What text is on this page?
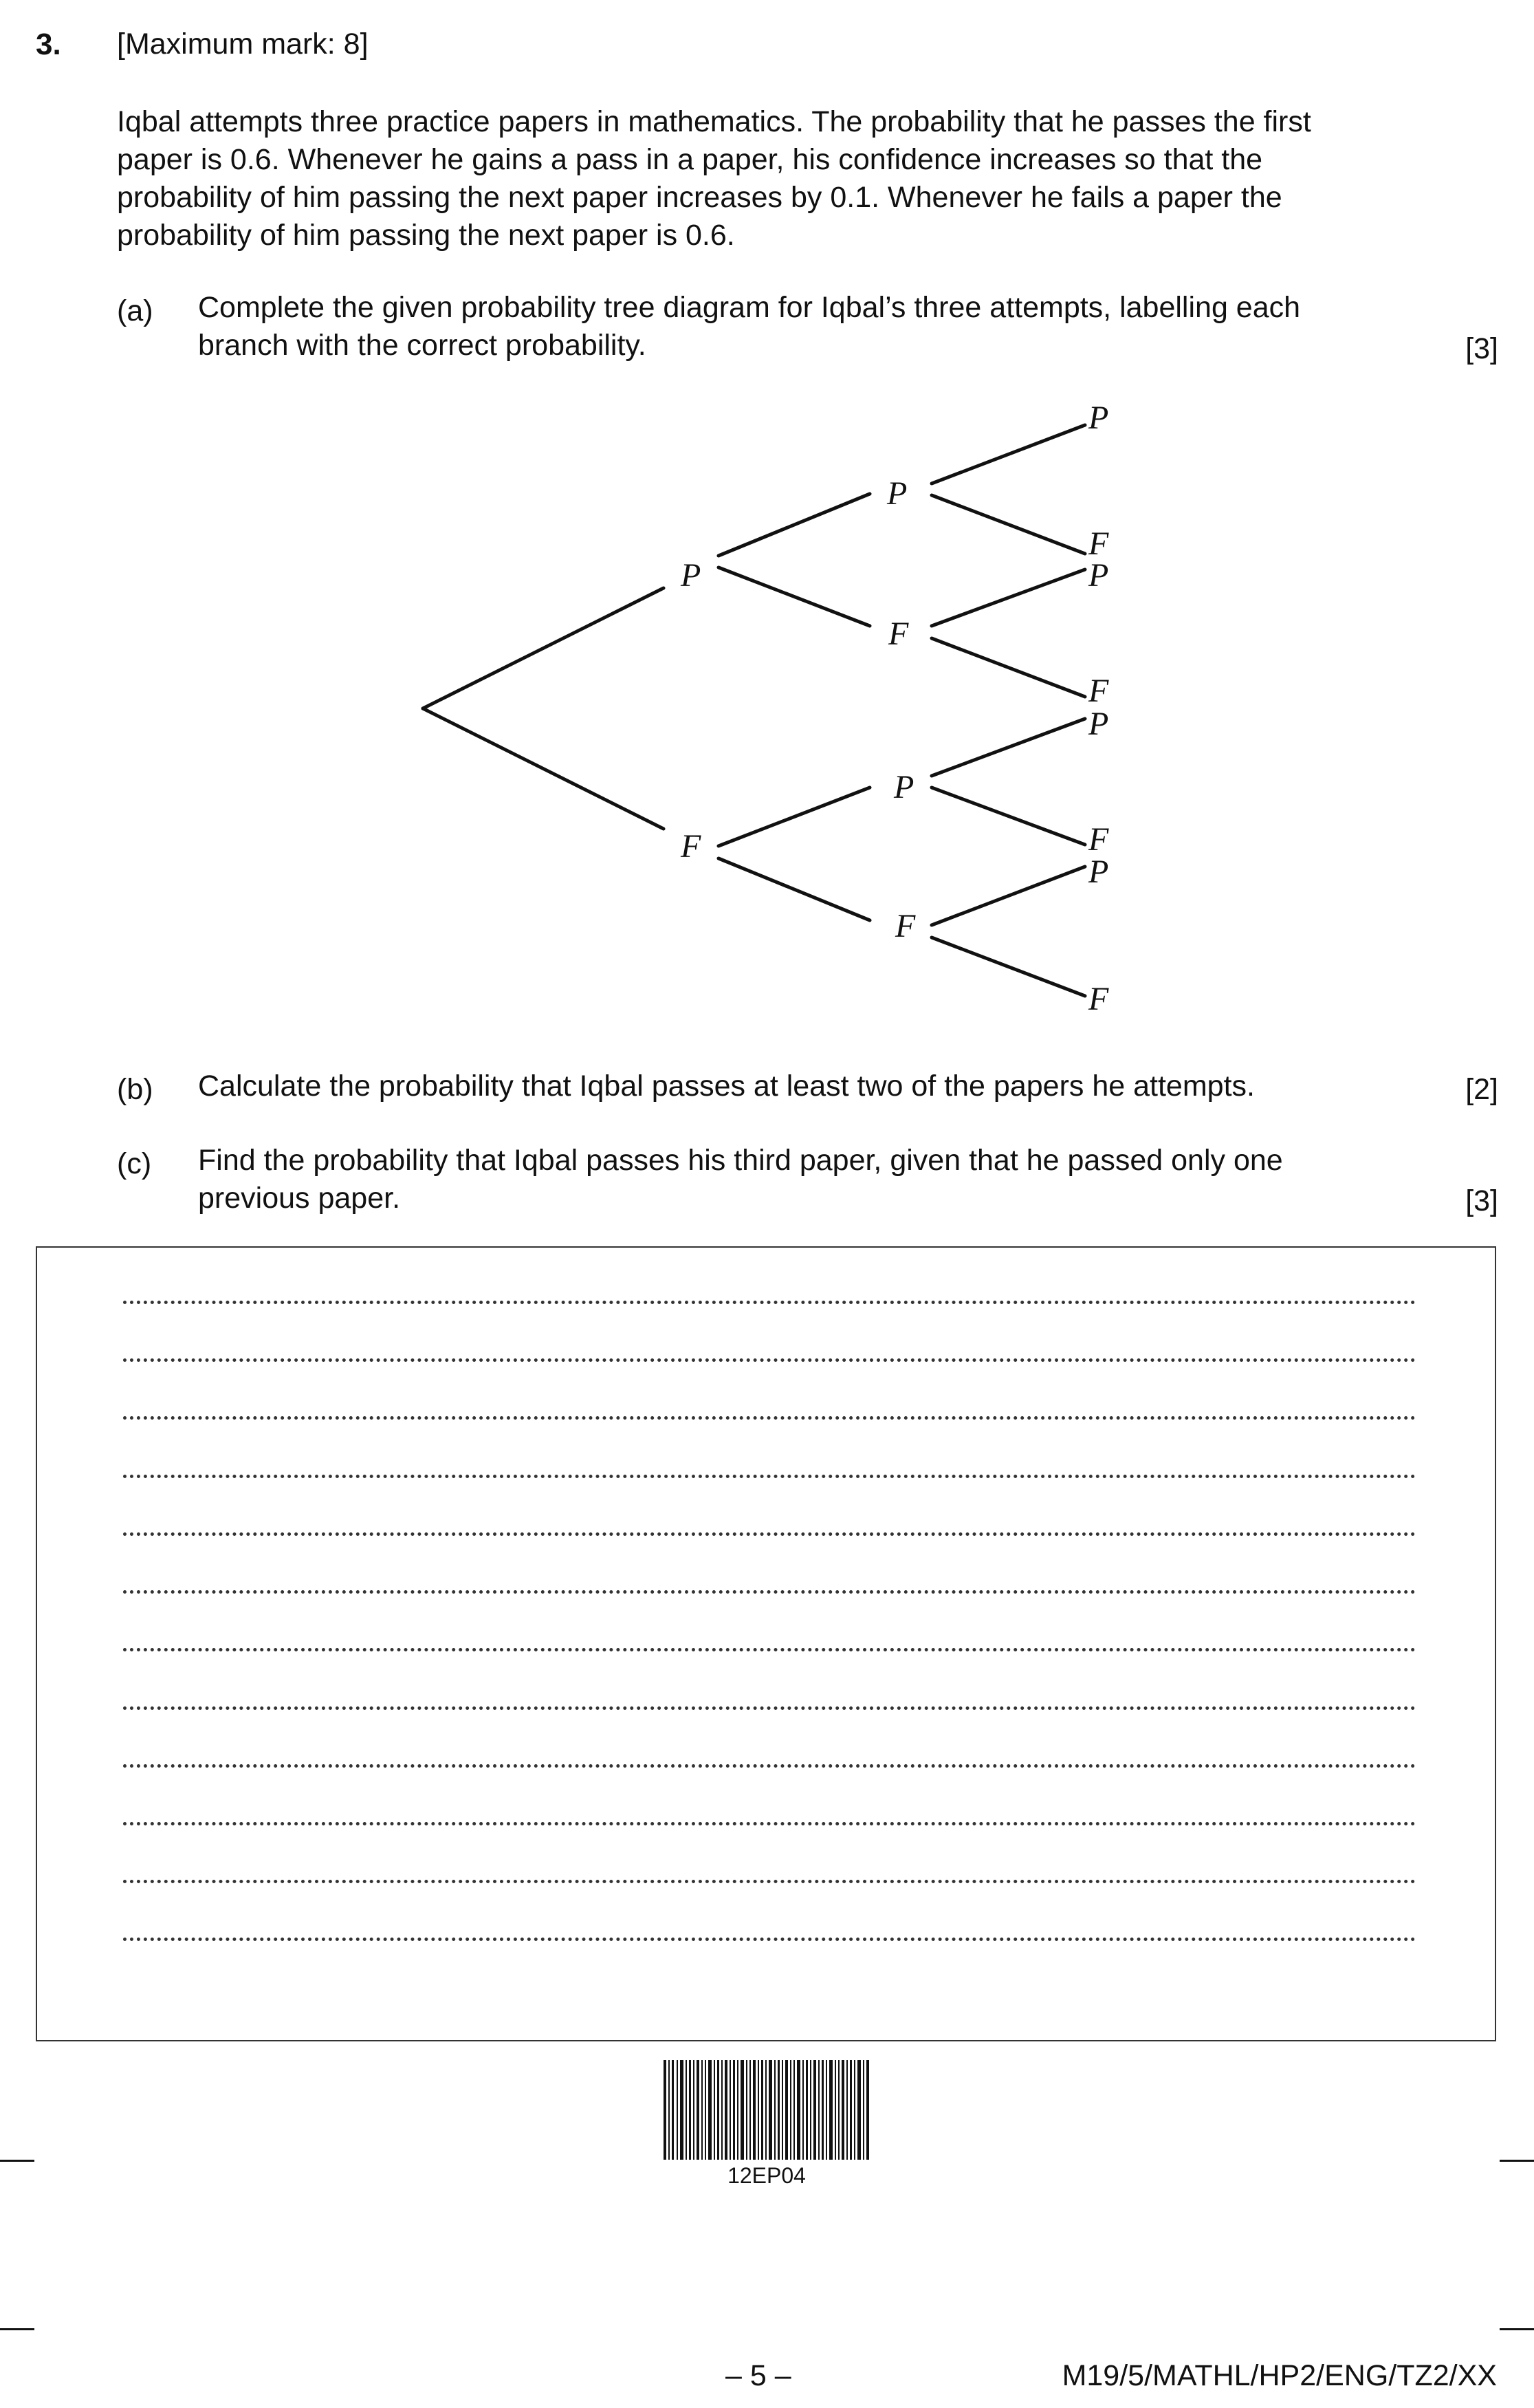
3. [Maximum mark: 8]

Iqbal attempts three practice papers in mathematics. The probability that he passes the first

paper is 0.6. Whenever he gains a pass in a paper, his confidence increases so that the

probability of him passing the next paper increases by 0.1. Whenever he fails a paper the

probability of him passing the next paper is 0.6.

(a) Complete the given probability tree diagram for Iqbal’s three attempts, labelling each
branch with the correct probability.	[3]
P
F
P
F
P
F
P
F
P
F
P
F
P
F
(b) Calculate the probability that Iqbal passes at least two of the papers he attempts.	[2]
(c) Find the probability that Iqbal passes his third paper, given that he passed only one
previous paper.	[3]
12EP04
– 5 –	M19/5/MATHL/HP2/ENG/TZ2/XX
